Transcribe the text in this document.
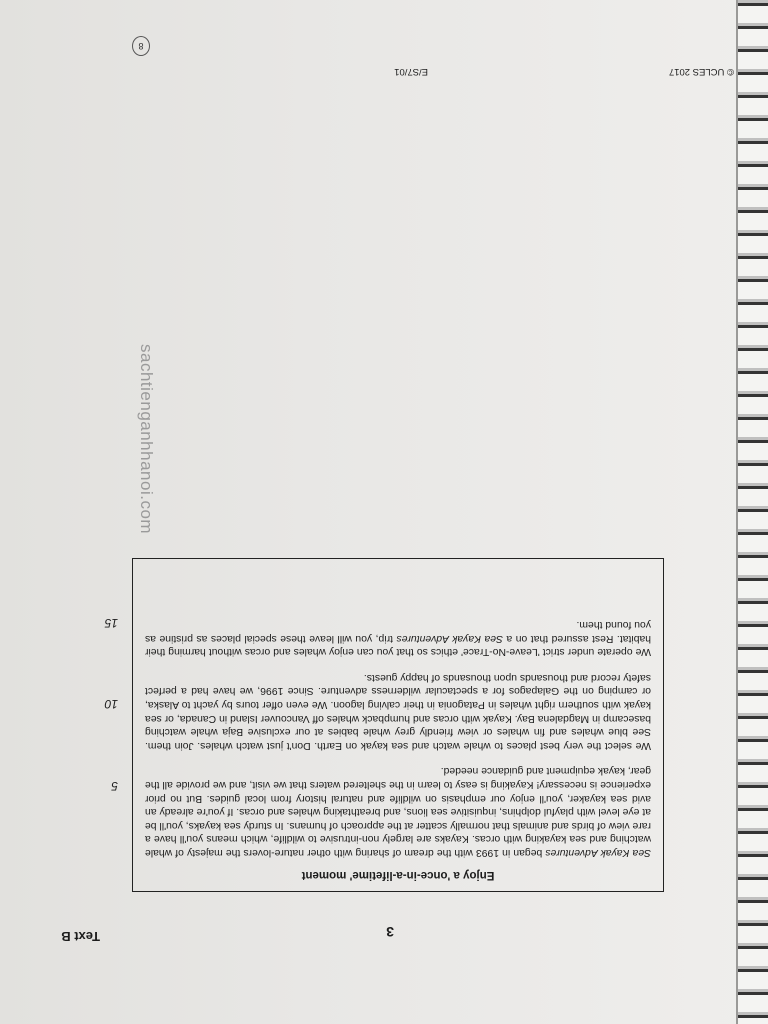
3
Text B
Enjoy a 'once-in-a-lifetime' moment

Sea Kayak Adventures began in 1993 with the dream of sharing with other nature-lovers the majesty of whale watching and sea kayaking with orcas. Kayaks are largely non-intrusive to wildlife, which means you'll have a rare view of birds and animals that normally scatter at the approach of humans. In sturdy sea kayaks, you'll be at eye level with playful dolphins, inquisitive sea lions, and breathtaking whales and orcas. If you're already an avid sea kayaker, you'll enjoy our emphasis on wildlife and natural history from local guides. But no prior experience is necessary! Kayaking is easy to learn in the sheltered waters that we visit, and we provide all the gear, kayak equipment and guidance needed.

We select the very best places to whale watch and sea kayak on Earth. Don't just watch whales. Join them. See blue whales and fin whales or view friendly grey whale babies at our exclusive Baja whale watching basecamp in Magdalena Bay. Kayak with orcas and humpback whales off Vancouver Island in Canada, or sea kayak with southern right whales in Patagonia in their calving lagoon. We even offer tours by yacht to Alaska, or camping on the Galapagos for a spectacular wilderness adventure. Since 1996, we have had a perfect safety record and thousands upon thousands of happy guests.

We operate under strict 'Leave-No-Trace' ethics so that you can enjoy whales and orcas without harming their habitat. Rest assured that on a Sea Kayak Adventures trip, you will leave these special places as pristine as you found them.

5
10
15
© UCLES 2017
E/S7/01
8
sachtienganhhanoi.com
